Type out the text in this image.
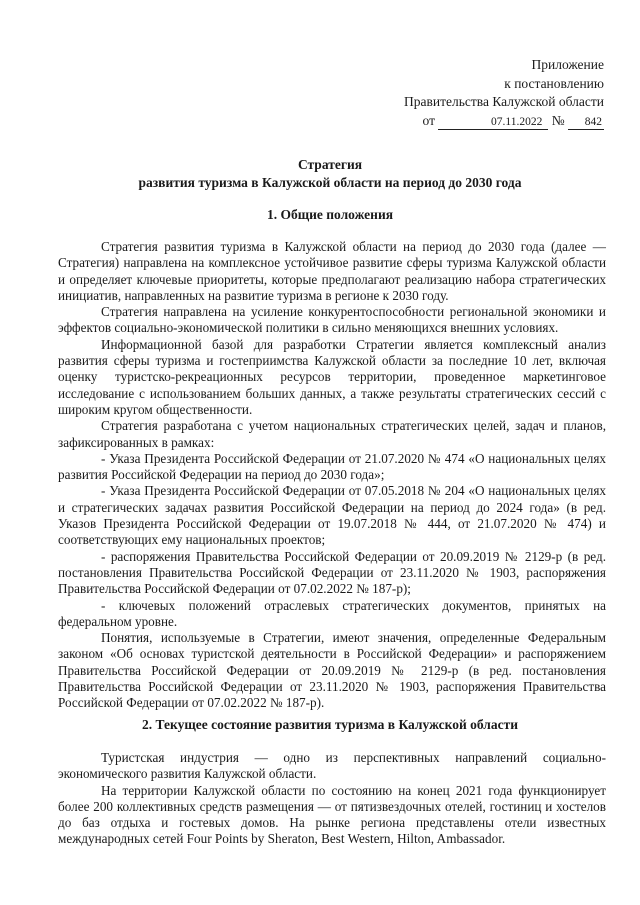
Приложение
к постановлению
Правительства Калужской области
от	07.11.2022 № 842
Стратегия
развития туризма в Калужской области на период до 2030 года
1. Общие положения

Стратегия развития туризма в Калужской области на период до 2030 года (далее — Стратегия) направлена на комплексное устойчивое развитие сферы туризма Калужской области и определяет ключевые приоритеты, которые предполагают реализацию набора стратегических инициатив, направленных на развитие туризма в регионе к 2030 году.

Стратегия направлена на усиление конкурентоспособности региональной экономики и эффектов социально-экономической политики в сильно меняющихся внешних условиях.

Информационной базой для разработки Стратегии является комплексный анализ развития сферы туризма и гостеприимства Калужской области за последние 10 лет, включая оценку туристско-рекреационных ресурсов территории, проведенное маркетинговое исследование с использованием больших данных, а также результаты стратегических сессий с широким кругом общественности.

Стратегия разработана с учетом национальных стратегических целей, задач и планов, зафиксированных в рамках:

- Указа Президента Российской Федерации от 21.07.2020 № 474 «О национальных целях развития Российской Федерации на период до 2030 года»;

- Указа Президента Российской Федерации от 07.05.2018 № 204 «О национальных целях и стратегических задачах развития Российской Федерации на период до 2024 года» (в ред. Указов Президента Российской Федерации от 19.07.2018 № 444, от 21.07.2020 № 474) и соответствующих ему национальных проектов;

- распоряжения Правительства Российской Федерации от 20.09.2019 № 2129-р (в ред. постановления Правительства Российской Федерации от 23.11.2020 № 1903, распоряжения Правительства Российской Федерации от 07.02.2022 № 187-р);

- ключевых положений отраслевых стратегических документов, принятых на федеральном уровне.

Понятия, используемые в Стратегии, имеют значения, определенные Федеральным законом «Об основах туристской деятельности в Российской Федерации» и распоряжением Правительства Российской Федерации от 20.09.2019 № 2129-р (в ред. постановления Правительства Российской Федерации от 23.11.2020 № 1903, распоряжения Правительства Российской Федерации от 07.02.2022 № 187-р).

2. Текущее состояние развития туризма в Калужской области

Туристская индустрия — одно из перспективных направлений социально-экономического развития Калужской области.

На территории Калужской области по состоянию на конец 2021 года функционирует более 200 коллективных средств размещения — от пятизвездочных отелей, гостиниц и хостелов до баз отдыха и гостевых домов. На рынке региона представлены отели известных международных сетей Four Points by Sheraton, Best Western, Hilton, Ambassador.
